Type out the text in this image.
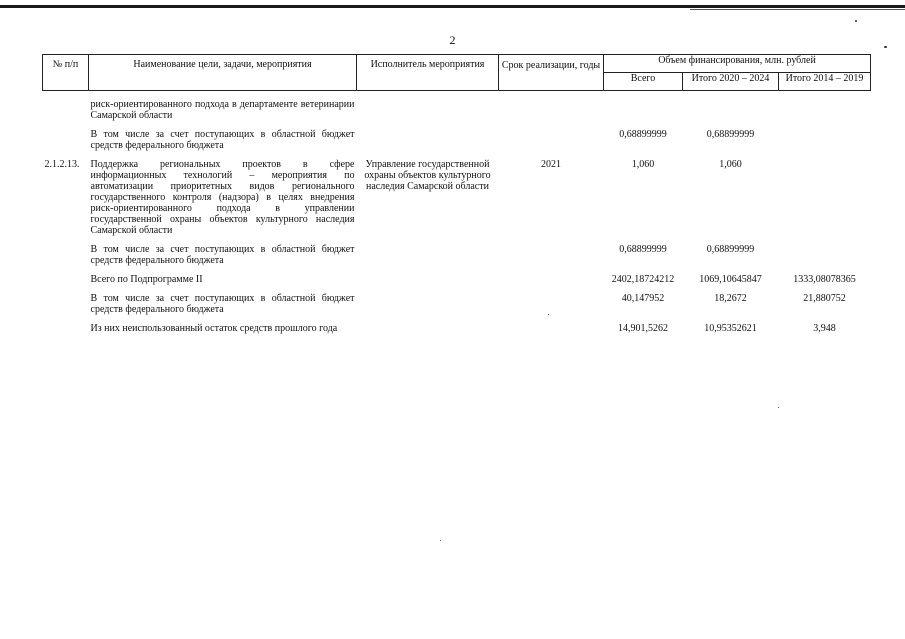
2
№ п/п	Наименование цели, задачи, мероприятия	Исполнитель мероприятия	Срок реализации, годы	Объем финансирования, млн. рублей		
				Всего	Итого 2020 – 2024	Итого 2014 – 2019

	риск-ориентированного подхода в департаменте ветеринарии Самарской области					

	В том числе за счет поступающих в областной бюджет средств федерального бюджета			0,68899999	0,68899999	

2.1.2.13.	Поддержка региональных проектов в сфере информационных технологий – мероприятия по автоматизации приоритетных видов регионального государственного контроля (надзора) в целях внедрения риск-ориентированного подхода в управлении государственной охраны объектов культурного наследия Самарской области	Управление государственной охраны объектов культурного наследия Самарской области	2021	1,060	1,060	

	В том числе за счет поступающих в областной бюджет средств федерального бюджета			0,68899999	0,68899999	

	Всего по Подпрограмме II			2402,18724212	1069,10645847	1333,08078365

	В том числе за счет поступающих в областной бюджет средств федерального бюджета			40,147952	18,2672	21,880752

	Из них неиспользованный остаток средств прошлого года			14,901,5262	10,95352621	3,948
